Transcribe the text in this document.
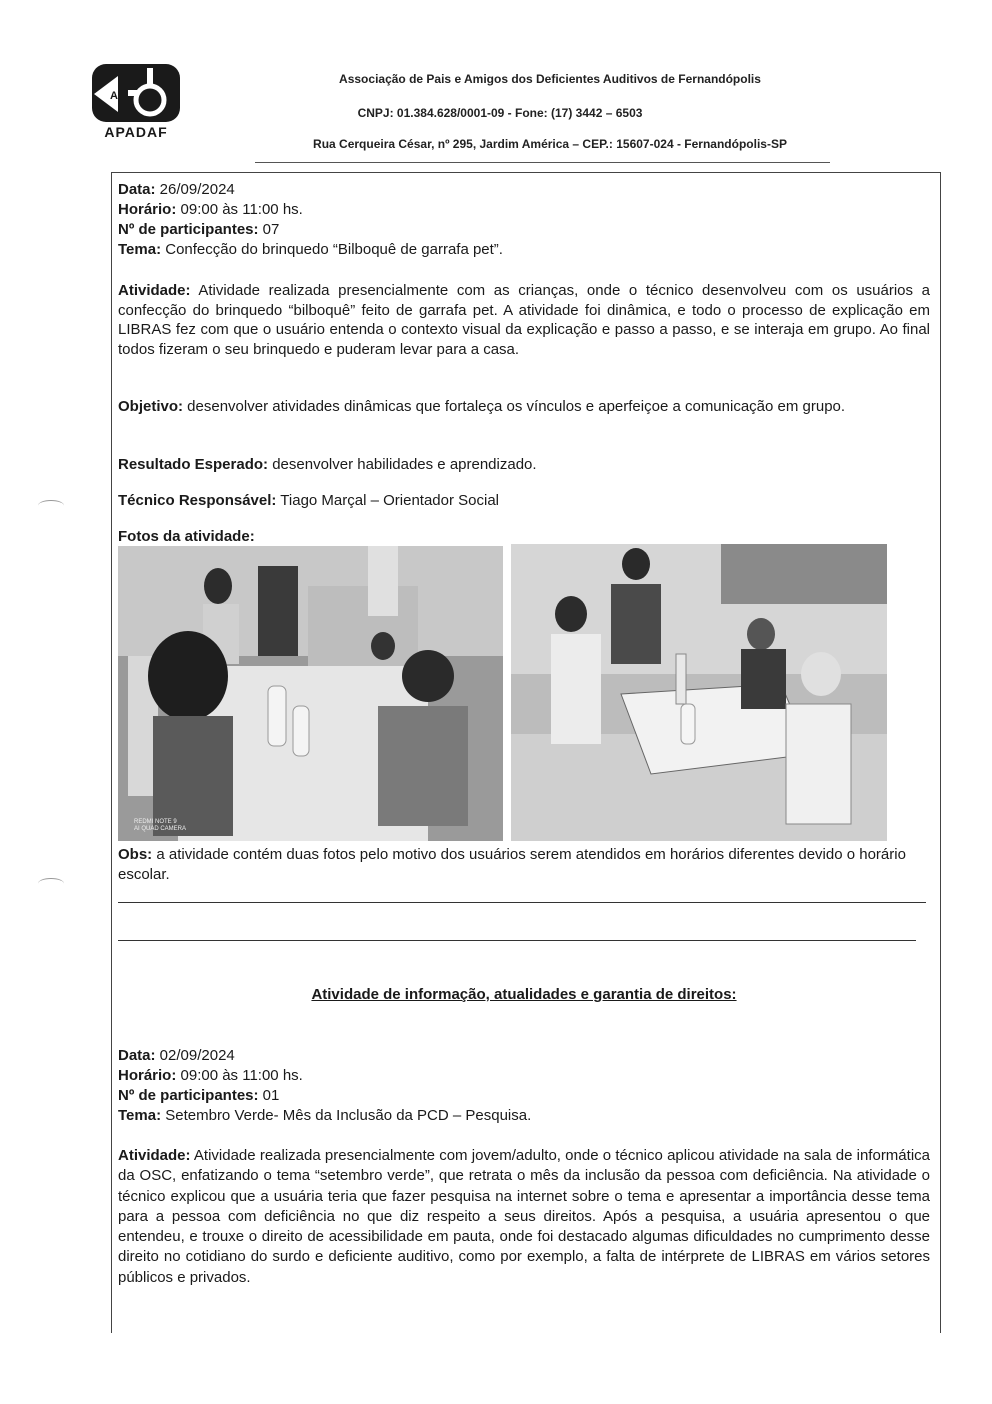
A
APADAF
Associação de Pais e Amigos dos Deficientes Auditivos de Fernandópolis
CNPJ: 01.384.628/0001-09 - Fone: (17) 3442 – 6503
Rua Cerqueira César, nº 295, Jardim América – CEP.: 15607-024 - Fernandópolis-SP
Data: 26/09/2024
Horário: 09:00 às 11:00 hs.
Nº de participantes: 07
Tema: Confecção do brinquedo “Bilboquê de garrafa pet”.
Atividade: Atividade realizada presencialmente com as crianças, onde o técnico desenvolveu com os usuários a confecção do brinquedo “bilboquê” feito de garrafa pet. A atividade foi dinâmica, e todo o processo de explicação em LIBRAS fez com que o usuário entenda o contexto visual da explicação e passo a passo, e se interaja em grupo. Ao final todos fizeram o seu brinquedo e puderam levar para a casa.
Objetivo: desenvolver atividades dinâmicas que fortaleça os vínculos e aperfeiçoe a comunicação em grupo.
Resultado Esperado: desenvolver habilidades e aprendizado.
Técnico Responsável: Tiago Marçal – Orientador Social
Fotos da atividade:
REDMI NOTE 9
AI QUAD CAMERA
Obs: a atividade contém duas fotos pelo motivo dos usuários serem atendidos em horários diferentes devido o horário escolar.
Atividade de informação, atualidades e garantia de direitos:
Data: 02/09/2024
Horário: 09:00 às 11:00 hs.
Nº de participantes: 01
Tema: Setembro Verde- Mês da Inclusão da PCD – Pesquisa.
Atividade: Atividade realizada presencialmente com jovem/adulto, onde o técnico aplicou atividade na sala de informática da OSC, enfatizando o tema “setembro verde”, que retrata o mês da inclusão da pessoa com deficiência. Na atividade o técnico explicou que a usuária teria que fazer pesquisa na internet sobre o tema e apresentar a importância desse tema para a pessoa com deficiência no que diz respeito a seus direitos. Após a pesquisa, a usuária apresentou o que entendeu, e trouxe o direito de acessibilidade em pauta, onde foi destacado algumas dificuldades no cumprimento desse direito no cotidiano do surdo e deficiente auditivo, como por exemplo, a falta de intérprete de LIBRAS em vários setores públicos e privados.
